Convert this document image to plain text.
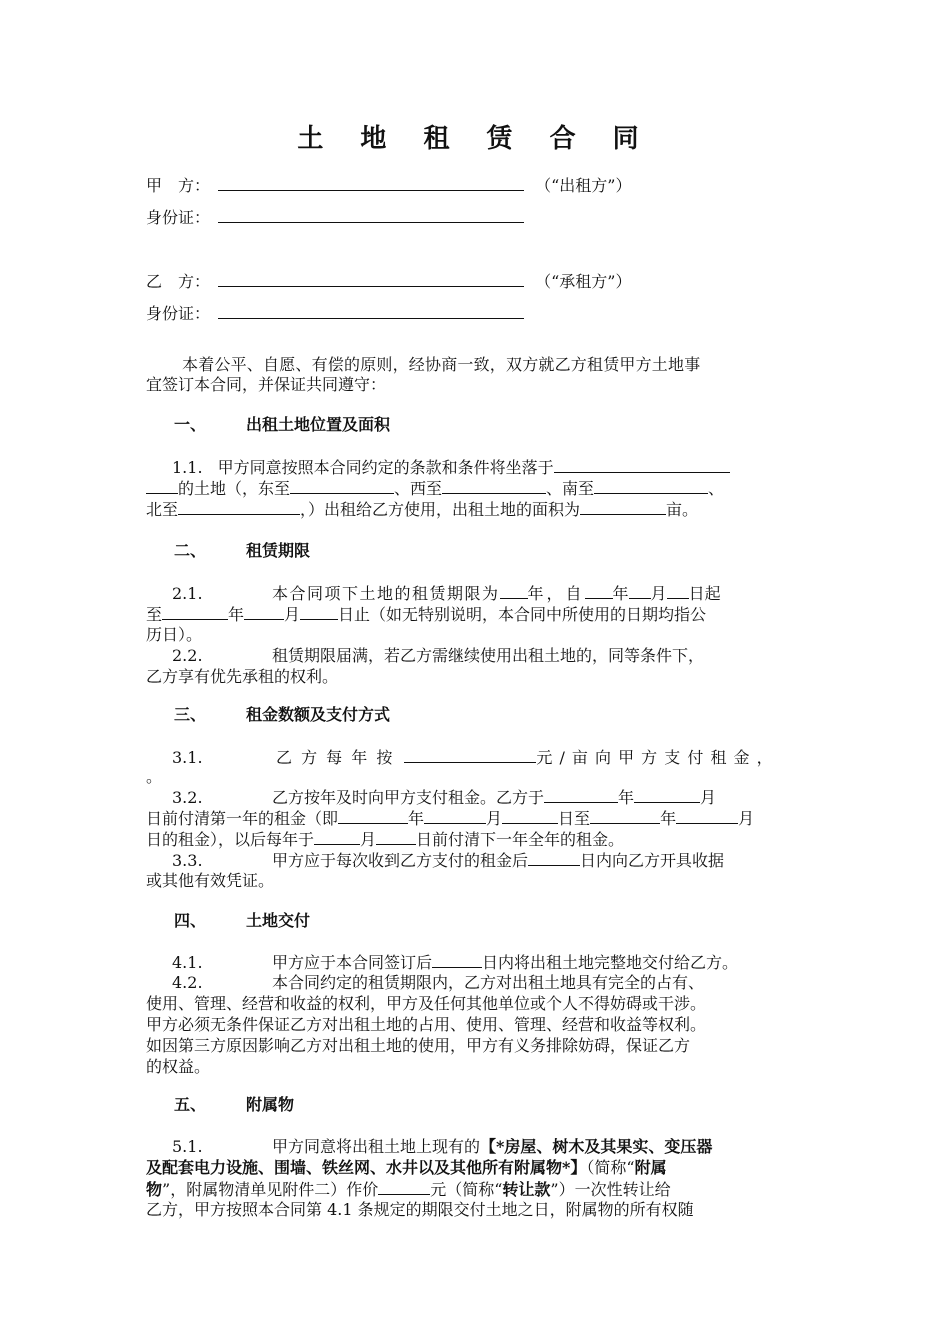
土 地 租 赁 合 同
甲　方：	（“出租方”）
身份证：
乙　方：	（“承租方”）
身份证：
本着公平、自愿、有偿的原则，经协商一致，双方就乙方租赁甲方土地事
宜签订本合同，并保证共同遵守：
一、 出租土地位置及面积
1.1. 甲方同意按照本合同约定的条款和条件将坐落于
的土地（，东至	、西至	、南至	、
北至	，）出租给乙方使用，出租土地的面积为	亩。
二、 租赁期限
2.1.	本合同项下土地的租赁期限为 年，自 年 月 日起
至	年	月 日止（如无特别说明，本合同中所使用的日期均指公
历日）。
2.2.	租赁期限届满，若乙方需继续使用出租土地的，同等条件下，
乙方享有优先承租的权利。
三、 租金数额及支付方式
3.1.	乙 方 每 年 按	元 / 亩 向 甲 方 支 付 租 金 ，
。
3.2.	乙方按年及时向甲方支付租金。乙方于	年	月
日前付清第一年的租金（即	年	月	日至	年	月
日的租金），以后每年于	月	日前付清下一年全年的租金。
3.3.	甲方应于每次收到乙方支付的租金后	日内向乙方开具收据
或其他有效凭证。
四、 土地交付
4.1.	甲方应于本合同签订后	日内将出租土地完整地交付给乙方。
4.2.	本合同约定的租赁期限内，乙方对出租土地具有完全的占有、
使用、管理、经营和收益的权利，甲方及任何其他单位或个人不得妨碍或干涉。
甲方必须无条件保证乙方对出租土地的占用、使用、管理、经营和收益等权利。
如因第三方原因影响乙方对出租土地的使用，甲方有义务排除妨碍，保证乙方
的权益。
五、 附属物
5.1.	甲方同意将出租土地上现有的【*房屋、树木及其果实、变压器
及配套电力设施、围墙、铁丝网、水井以及其他所有附属物*】（简称“附属
物”，附属物清单见附件二）作价	元（简称“转让款”）一次性转让给
乙方，甲方按照本合同第 4.1 条规定的期限交付土地之日，附属物的所有权随
